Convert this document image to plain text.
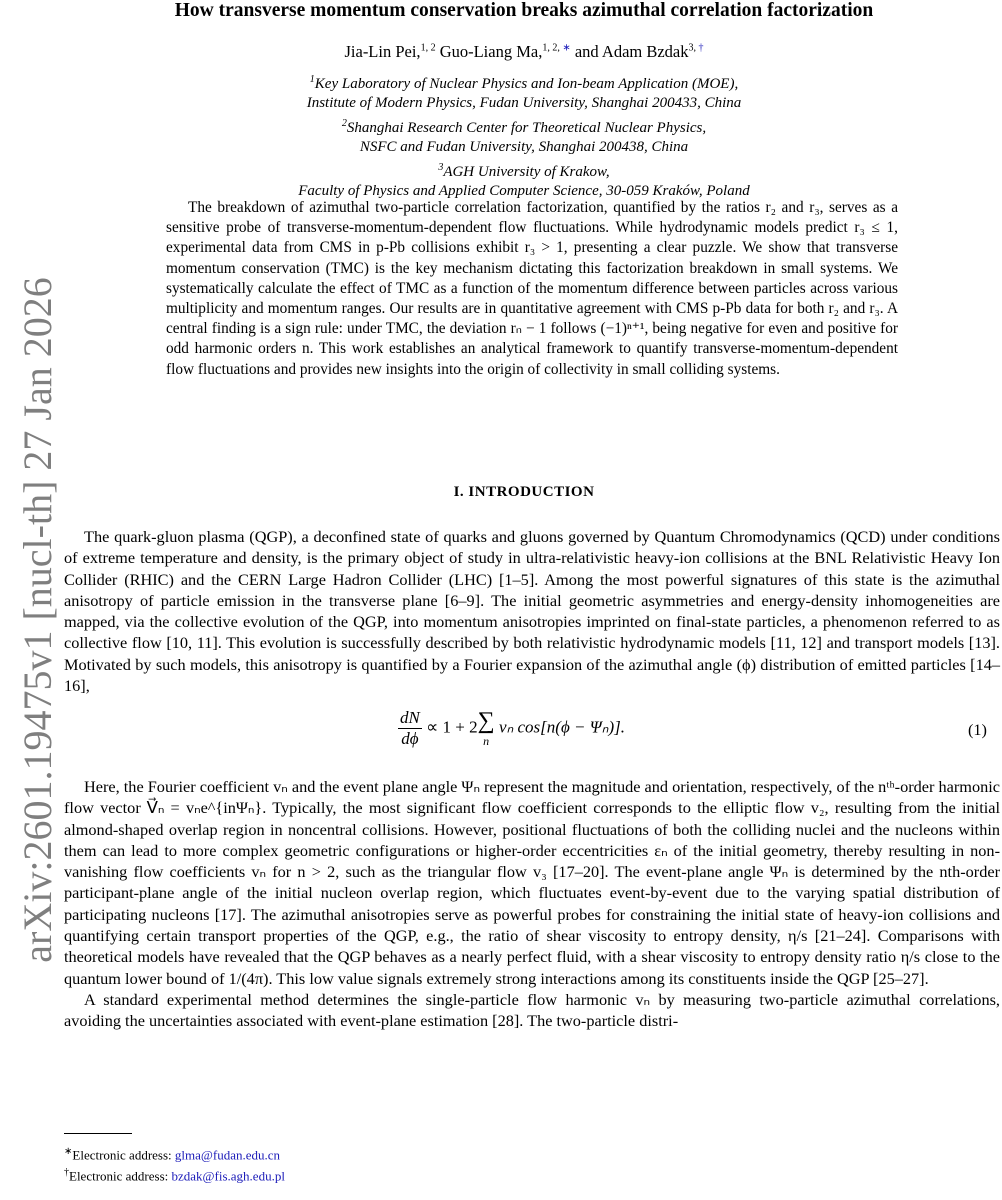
arXiv:2601.19475v1 [nucl-th] 27 Jan 2026
How transverse momentum conservation breaks azimuthal correlation factorization
Jia-Lin Pei,$^{1, 2}$ Guo-Liang Ma,$^{1, 2, ∗}$ and Adam Bzdak$^{3, \dagger}$
$^1$Key Laboratory of Nuclear Physics and Ion-beam Application (MOE),
Institute of Modern Physics, Fudan University, Shanghai 200433, China
$^2$Shanghai Research Center for Theoretical Nuclear Physics,
NSFC and Fudan University, Shanghai 200438, China
$^3$AGH University of Krakow,
Faculty of Physics and Applied Computer Science, 30-059 Kraków, Poland

The breakdown of azimuthal two-particle correlation factorization, quantified by the ratios r₂ and r₃, serves as a sensitive probe of transverse-momentum-dependent flow fluctuations. While hydrodynamic models predict r₃ ≤ 1, experimental data from CMS in p-Pb collisions exhibit r₃ > 1, presenting a clear puzzle. We show that transverse momentum conservation (TMC) is the key mechanism dictating this factorization breakdown in small systems. We systematically calculate the effect of TMC as a function of the momentum difference between particles across various multiplicity and momentum ranges. Our results are in quantitative agreement with CMS p-Pb data for both r₂ and r₃. A central finding is a sign rule: under TMC, the deviation rₙ − 1 follows (−1)ⁿ⁺¹, being negative for even and positive for odd harmonic orders n. This work establishes an analytical framework to quantify transverse-momentum-dependent flow fluctuations and provides new insights into the origin of collectivity in small colliding systems.

I. INTRODUCTION

The quark-gluon plasma (QGP), a deconfined state of quarks and gluons governed by Quantum Chromodynamics (QCD) under conditions of extreme temperature and density, is the primary object of study in ultra-relativistic heavy-ion collisions at the BNL Relativistic Heavy Ion Collider (RHIC) and the CERN Large Hadron Collider (LHC) [1–5]. Among the most powerful signatures of this state is the azimuthal anisotropy of particle emission in the transverse plane [6–9]. The initial geometric asymmetries and energy-density inhomogeneities are mapped, via the collective evolution of the QGP, into momentum anisotropies imprinted on final-state particles, a phenomenon referred to as collective flow [10, 11]. This evolution is successfully described by both relativistic hydrodynamic models [11, 12] and transport models [13]. Motivated by such models, this anisotropy is quantified by a Fourier expansion of the azimuthal angle (ϕ) distribution of emitted particles [14–16],

$\frac{dN}{d\phi} \propto 1 + 2$ ∑
n
vₙ cos[n(ϕ − Ψₙ)].	(1)

Here, the Fourier coefficient vₙ and the event plane angle Ψₙ represent the magnitude and orientation, respectively, of the nᵗʰ-order harmonic flow vector V⃗ₙ = vₙe^{inΨₙ}. Typically, the most significant flow coefficient corresponds to the elliptic flow v₂, resulting from the initial almond-shaped overlap region in noncentral collisions. However, positional fluctuations of both the colliding nuclei and the nucleons within them can lead to more complex geometric configurations or higher-order eccentricities εₙ of the initial geometry, thereby resulting in non-vanishing flow coefficients vₙ for n > 2, such as the triangular flow v₃ [17–20]. The event-plane angle Ψₙ is determined by the nth-order participant-plane angle of the initial nucleon overlap region, which fluctuates event-by-event due to the varying spatial distribution of participating nucleons [17]. The azimuthal anisotropies serve as powerful probes for constraining the initial state of heavy-ion collisions and quantifying certain transport properties of the QGP, e.g., the ratio of shear viscosity to entropy density, η/s [21–24]. Comparisons with theoretical models have revealed that the QGP behaves as a nearly perfect fluid, with a shear viscosity to entropy density ratio η/s close to the quantum lower bound of 1/(4π). This low value signals extremely strong interactions among its constituents inside the QGP [25–27].

A standard experimental method determines the single-particle flow harmonic vₙ by measuring two-particle azimuthal correlations, avoiding the uncertainties associated with event-plane estimation [28]. The two-particle distri-

∗Electronic address: glma@fudan.edu.cn
†Electronic address: bzdak@fis.agh.edu.pl
